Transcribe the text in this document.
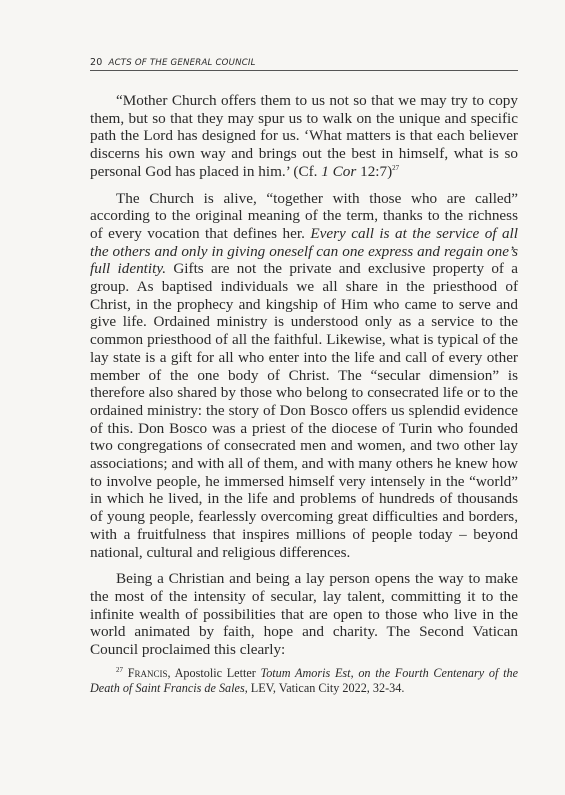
20 ACTS OF THE GENERAL COUNCIL

“Mother Church offers them to us not so that we may try to copy them, but so that they may spur us to walk on the unique and specific path the Lord has designed for us. ‘What matters is that each believer discerns his own way and brings out the best in himself, what is so personal God has placed in him.’ (Cf. 1 Cor 12:7)$^{27}$

The Church is alive, “together with those who are called” according to the original meaning of the term, thanks to the richness of every vocation that defines her. Every call is at the service of all the others and only in giving oneself can one express and regain one’s full identity. Gifts are not the private and exclusive property of a group. As baptised individuals we all share in the priesthood of Christ, in the prophecy and kingship of Him who came to serve and give life. Ordained ministry is understood only as a service to the common priesthood of all the faithful. Likewise, what is typical of the lay state is a gift for all who enter into the life and call of every other member of the one body of Christ. The “secular dimension” is therefore also shared by those who belong to consecrated life or to the ordained ministry: the story of Don Bosco offers us splendid evidence of this. Don Bosco was a priest of the diocese of Turin who founded two congregations of consecrated men and women, and two other lay associations; and with all of them, and with many others he knew how to involve people, he immersed himself very intensely in the “world” in which he lived, in the life and problems of hundreds of thousands of young people, fearlessly overcoming great difficulties and borders, with a fruitfulness that inspires millions of people today – beyond national, cultural and religious differences.

Being a Christian and being a lay person opens the way to make the most of the intensity of secular, lay talent, committing it to the infinite wealth of possibilities that are open to those who live in the world animated by faith, hope and charity. The Second Vatican Council proclaimed this clearly:

$^{27}$ Francis, Apostolic Letter Totum Amoris Est, on the Fourth Centenary of the Death of Saint Francis de Sales, LEV, Vatican City 2022, 32-34.
